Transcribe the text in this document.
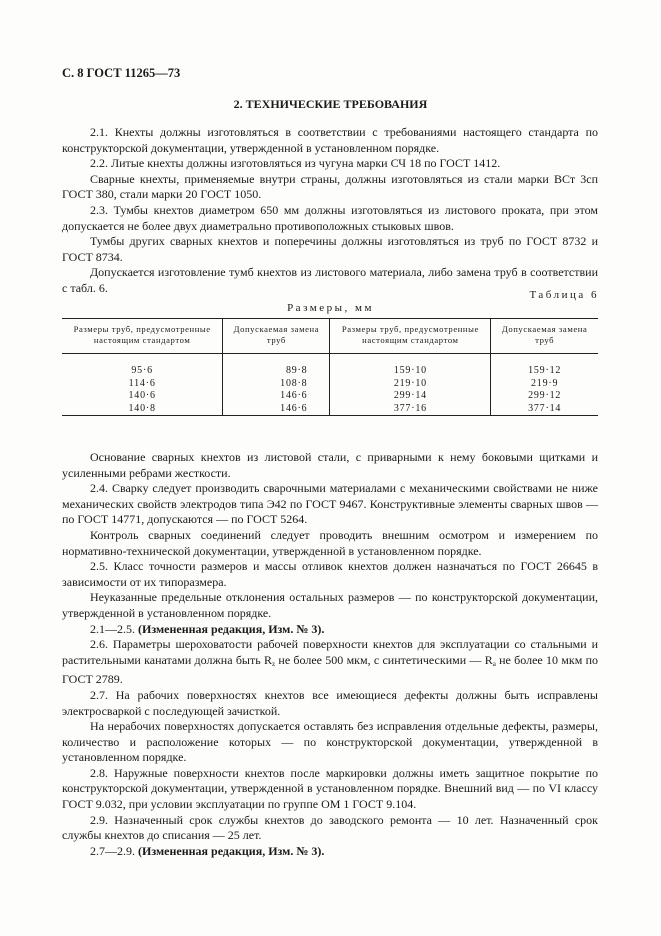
С. 8 ГОСТ 11265—73
2. ТЕХНИЧЕСКИЕ ТРЕБОВАНИЯ

2.1. Кнехты должны изготовляться в соответствии с требованиями настоящего стандарта по конструкторской документации, утвержденной в установленном порядке.

2.2. Литые кнехты должны изготовляться из чугуна марки СЧ 18 по ГОСТ 1412.

Сварные кнехты, применяемые внутри страны, должны изготовляться из стали марки ВСт 3сп ГОСТ 380, стали марки 20 ГОСТ 1050.

2.3. Тумбы кнехтов диаметром 650 мм должны изготовляться из листового проката, при этом допускается не более двух диаметрально противоположных стыковых швов.

Тумбы других сварных кнехтов и поперечины должны изготовляться из труб по ГОСТ 8732 и ГОСТ 8734.

Допускается изготовление тумб кнехтов из листового материала, либо замена труб в соответствии с табл. 6.

Таблица 6
Размеры, мм
Размеры труб, предусмотренные настоящим стандартом	Допускаемая замена труб	Размеры труб, предусмотренные настоящим стандартом	Допускаемая замена труб
95·6	89·8	159·10	159·12
114·6	108·8	219·10	219·9
140·6	146·6	299·14	299·12
140·8	146·6	377·16	377·14

Основание сварных кнехтов из листовой стали, с приварными к нему боковыми щитками и усиленными ребрами жесткости.

2.4. Сварку следует производить сварочными материалами с механическими свойствами не ниже механических свойств электродов типа Э42 по ГОСТ 9467. Конструктивные элементы сварных швов — по ГОСТ 14771, допускаются — по ГОСТ 5264.

Контроль сварных соединений следует проводить внешним осмотром и измерением по нормативно-технической документации, утвержденной в установленном порядке.

2.5. Класс точности размеров и массы отливок кнехтов должен назначаться по ГОСТ 26645 в зависимости от их типоразмера.

Неуказанные предельные отклонения остальных размеров — по конструкторской документации, утвержденной в установленном порядке.

2.1—2.5. (Измененная редакция, Изм. № 3).

2.6. Параметры шероховатости рабочей поверхности кнехтов для эксплуатации со стальными и растительными канатами должна быть $R_z$ не более 500 мкм, с синтетическими — $R_a$ не более 10 мкм по ГОСТ 2789.

2.7. На рабочих поверхностях кнехтов все имеющиеся дефекты должны быть исправлены электросваркой с последующей зачисткой.

На нерабочих поверхностях допускается оставлять без исправления отдельные дефекты, размеры, количество и расположение которых — по конструкторской документации, утвержденной в установленном порядке.

2.8. Наружные поверхности кнехтов после маркировки должны иметь защитное покрытие по конструкторской документации, утвержденной в установленном порядке. Внешний вид — по VI классу ГОСТ 9.032, при условии эксплуатации по группе ОМ 1 ГОСТ 9.104.

2.9. Назначенный срок службы кнехтов до заводского ремонта — 10 лет. Назначенный срок службы кнехтов до списания — 25 лет.

2.7—2.9. (Измененная редакция, Изм. № 3).
